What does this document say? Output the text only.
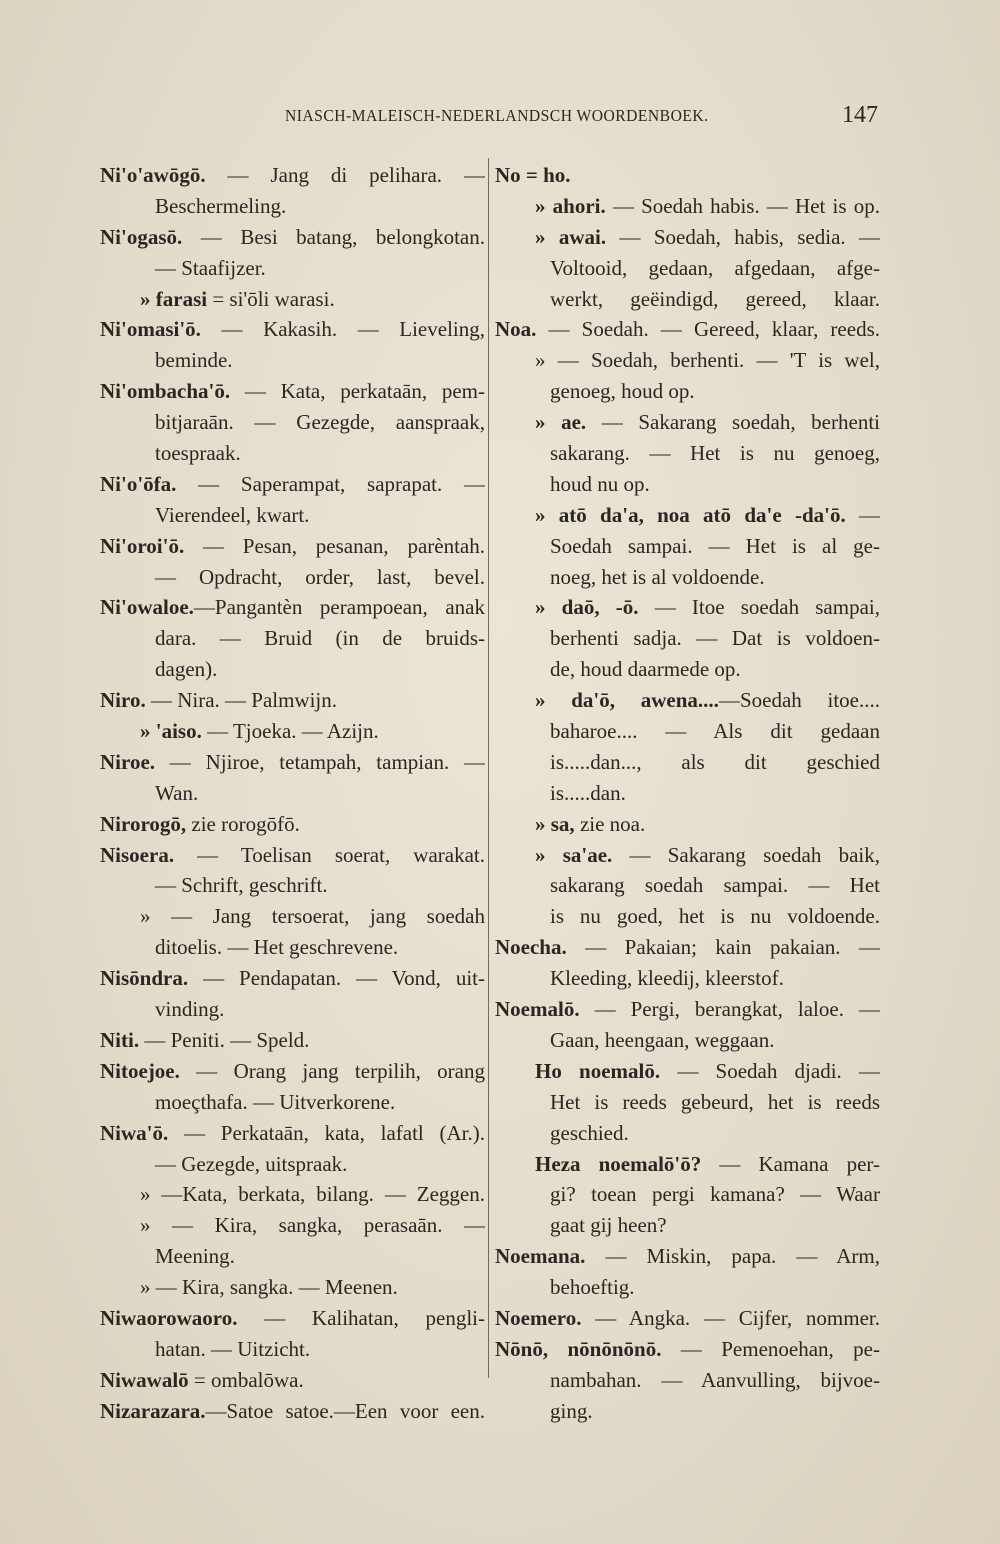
NIASCH-MALEISCH-NEDERLANDSCH WOORDENBOEK.	147
Ni'o'awōgō. — Jang di pelihara. —
Beschermeling.
Ni'ogasō. — Besi batang, belongkotan.
— Staafijzer.
» farasi = si'ōli warasi.
Ni'omasi'ō. — Kakasih. — Lieveling,
beminde.
Ni'ombacha'ō. — Kata, perkataān, pem-
bitjaraān. — Gezegde, aanspraak,
toespraak.
Ni'o'ōfa. — Saperampat, saprapat. —
Vierendeel, kwart.
Ni'oroi'ō. — Pesan, pesanan, parèntah.
— Opdracht, order, last, bevel.
Ni'owaloe.—Pangantèn perampoean, anak
dara. — Bruid (in de bruids-
dagen).
Niro. — Nira. — Palmwijn.
» 'aiso. — Tjoeka. — Azijn.
Niroe. — Njiroe, tetampah, tampian. —
Wan.
Nirorogō, zie rorogōfō.
Nisoera. — Toelisan soerat, warakat.
— Schrift, geschrift.
» — Jang tersoerat, jang soedah
ditoelis. — Het geschrevene.
Nisōndra. — Pendapatan. — Vond, uit-
vinding.
Niti. — Peniti. — Speld.
Nitoejoe. — Orang jang terpilih, orang
moeçthafa. — Uitverkorene.
Niwa'ō. — Perkataān, kata, lafatl (Ar.).
— Gezegde, uitspraak.
» —Kata, berkata, bilang. — Zeggen.
» — Kira, sangka, perasaān. —
Meening.
» — Kira, sangka. — Meenen.
Niwaorowaoro. — Kalihatan, pengli-
hatan. — Uitzicht.
Niwawalō = ombalōwa.
Nizarazara.—Satoe satoe.—Een voor een.
No = ho.
» ahori. — Soedah habis. — Het is op.
» awai. — Soedah, habis, sedia. —
Voltooid, gedaan, afgedaan, afge-
werkt, geëindigd, gereed, klaar.
Noa. — Soedah. — Gereed, klaar, reeds.
» — Soedah, berhenti. — 'T is wel,
genoeg, houd op.
» ae. — Sakarang soedah, berhenti
sakarang. — Het is nu genoeg,
houd nu op.
» atō da'a, noa atō da'e -da'ō. —
Soedah sampai. — Het is al ge-
noeg, het is al voldoende.
» daō, -ō. — Itoe soedah sampai,
berhenti sadja. — Dat is voldoen-
de, houd daarmede op.
» da'ō, awena....—Soedah itoe....
baharoe.... — Als dit gedaan
is.....dan..., als dit geschied
is.....dan.
» sa, zie noa.
» sa'ae. — Sakarang soedah baik,
sakarang soedah sampai. — Het
is nu goed, het is nu voldoende.
Noecha. — Pakaian; kain pakaian. —
Kleeding, kleedij, kleerstof.
Noemalō. — Pergi, berangkat, laloe. —
Gaan, heengaan, weggaan.
Ho noemalō. — Soedah djadi. —
Het is reeds gebeurd, het is reeds
geschied.
Heza noemalō'ō? — Kamana per-
gi? toean pergi kamana? — Waar
gaat gij heen?
Noemana. — Miskin, papa. — Arm,
behoeftig.
Noemero. — Angka. — Cijfer, nommer.
Nōnō, nōnōnōnō. — Pemenoehan, pe-
nambahan. — Aanvulling, bijvoe-
ging.
